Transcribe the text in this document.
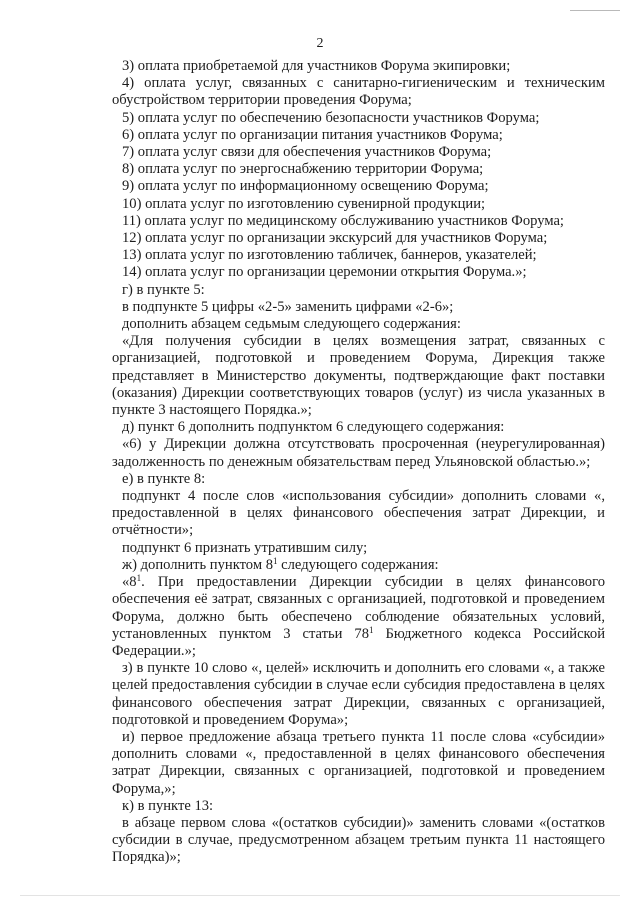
2

3) оплата приобретаемой для участников Форума экипировки;

4) оплата услуг, связанных с санитарно-гигиеническим и техническим обустройством территории проведения Форума;

5) оплата услуг по обеспечению безопасности участников Форума;

6) оплата услуг по организации питания участников Форума;

7) оплата услуг связи для обеспечения участников Форума;

8) оплата услуг по энергоснабжению территории Форума;

9) оплата услуг по информационному освещению Форума;

10) оплата услуг по изготовлению сувенирной продукции;

11) оплата услуг по медицинскому обслуживанию участников Форума;

12) оплата услуг по организации экскурсий для участников Форума;

13) оплата услуг по изготовлению табличек, баннеров, указателей;

14) оплата услуг по организации церемонии открытия Форума.»;

г) в пункте 5:

в подпункте 5 цифры «2-5» заменить цифрами «2-6»;

дополнить абзацем седьмым следующего содержания:

«Для получения субсидии в целях возмещения затрат, связанных с организацией, подготовкой и проведением Форума, Дирекция также представляет в Министерство документы, подтверждающие факт поставки (оказания) Дирекции соответствующих товаров (услуг) из числа указанных в пункте 3 настоящего Порядка.»;

д) пункт 6 дополнить подпунктом 6 следующего содержания:

«6) у Дирекции должна отсутствовать просроченная (неурегулированная) задолженность по денежным обязательствам перед Ульяновской областью.»;

е) в пункте 8:

подпункт 4 после слов «использования субсидии» дополнить словами «, предоставленной в целях финансового обеспечения затрат Дирекции, и отчётности»;

подпункт 6 признать утратившим силу;

ж) дополнить пунктом $8^1$ следующего содержания:

«$8^1$. При предоставлении Дирекции субсидии в целях финансового обеспечения её затрат, связанных с организацией, подготовкой и проведением Форума, должно быть обеспечено соблюдение обязательных условий, установленных пунктом 3 статьи $78^1$ Бюджетного кодекса Российской Федерации.»;

з) в пункте 10 слово «, целей» исключить и дополнить его словами «, а также целей предоставления субсидии в случае если субсидия предоставлена в целях финансового обеспечения затрат Дирекции, связанных с организацией, подготовкой и проведением Форума»;

и) первое предложение абзаца третьего пункта 11 после слова «субсидии» дополнить словами «, предоставленной в целях финансового обеспечения затрат Дирекции, связанных с организацией, подготовкой и проведением Форума,»;

к) в пункте 13:

в абзаце первом слова «(остатков субсидии)» заменить словами «(остатков субсидии в случае, предусмотренном абзацем третьим пункта 11 настоящего Порядка)»;
